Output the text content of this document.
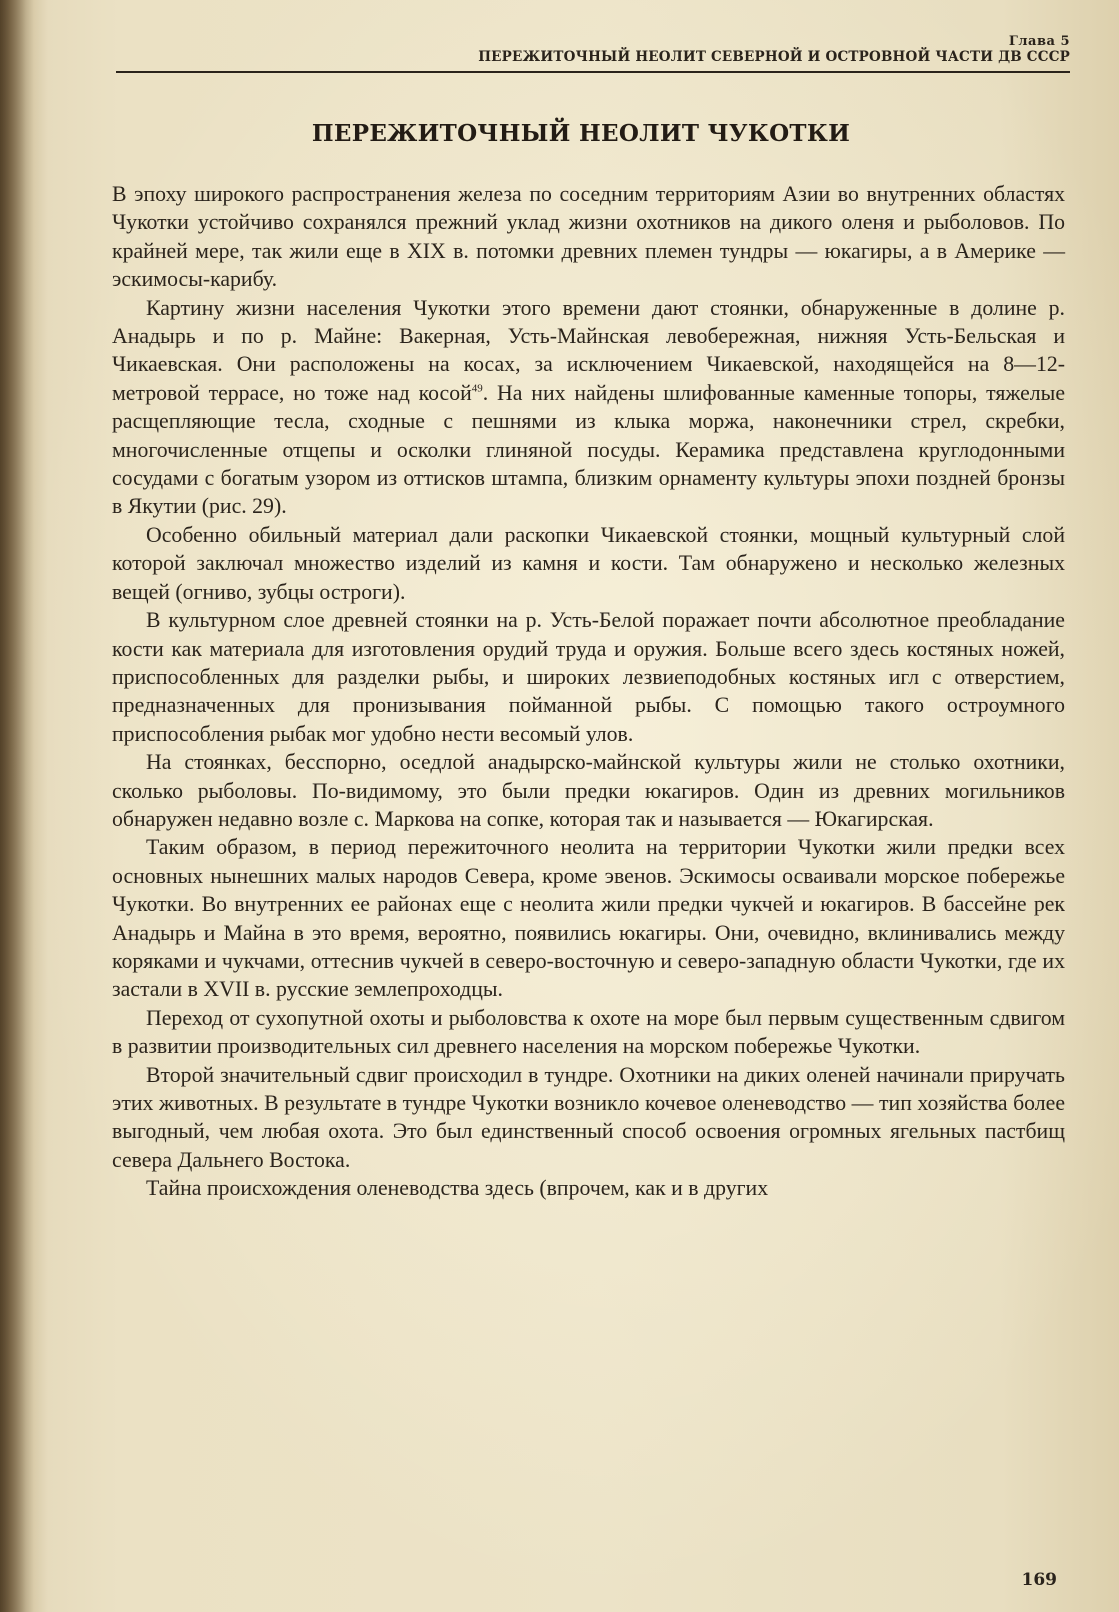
Глава 5
ПЕРЕЖИТОЧНЫЙ НЕОЛИТ СЕВЕРНОЙ И ОСТРОВНОЙ ЧАСТИ ДВ СССР
ПЕРЕЖИТОЧНЫЙ НЕОЛИТ ЧУКОТКИ

В эпоху широкого распространения железа по соседним территориям Азии во внутренних областях Чукотки устойчиво сохранялся прежний уклад жизни охотников на дикого оленя и рыболовов. По крайней мере, так жили еще в XIX в. потомки древних племен тундры — юкагиры, а в Америке — эскимосы-карибу.

Картину жизни населения Чукотки этого времени дают стоянки, обнаруженные в долине р. Анадырь и по р. Майне: Вакерная, Усть-Майнская левобережная, нижняя Усть-Бельская и Чикаевская. Они расположены на косах, за исключением Чикаевской, находящейся на 8—12-метровой террасе, но тоже над косой$^{49}$. На них найдены шлифованные каменные топоры, тяжелые расщепляющие тесла, сходные с пешнями из клыка моржа, наконечники стрел, скребки, многочисленные отщепы и осколки глиняной посуды. Керамика представлена круглодонными сосудами с богатым узором из оттисков штампа, близким орнаменту культуры эпохи поздней бронзы в Якутии (рис. 29).

Особенно обильный материал дали раскопки Чикаевской стоянки, мощный культурный слой которой заключал множество изделий из камня и кости. Там обнаружено и несколько железных вещей (огниво, зубцы остроги).

В культурном слое древней стоянки на р. Усть-Белой поражает почти абсолютное преобладание кости как материала для изготовления орудий труда и оружия. Больше всего здесь костяных ножей, приспособленных для разделки рыбы, и широких лезвиеподобных костяных игл с отверстием, предназначенных для пронизывания пойманной рыбы. С помощью такого остроумного приспособления рыбак мог удобно нести весомый улов.

На стоянках, бесспорно, оседлой анадырско-майнской культуры жили не столько охотники, сколько рыболовы. По-видимому, это были предки юкагиров. Один из древних могильников обнаружен недавно возле с. Маркова на сопке, которая так и называется — Юкагирская.

Таким образом, в период пережиточного неолита на территории Чукотки жили предки всех основных нынешних малых народов Севера, кроме эвенов. Эскимосы осваивали морское побережье Чукотки. Во внутренних ее районах еще с неолита жили предки чукчей и юкагиров. В бассейне рек Анадырь и Майна в это время, вероятно, появились юкагиры. Они, очевидно, вклинивались между коряками и чукчами, оттеснив чукчей в северо-восточную и северо-западную области Чукотки, где их застали в XVII в. русские землепроходцы.

Переход от сухопутной охоты и рыболовства к охоте на море был первым существенным сдвигом в развитии производительных сил древнего населения на морском побережье Чукотки.

Второй значительный сдвиг происходил в тундре. Охотники на диких оленей начинали приручать этих животных. В результате в тундре Чукотки возникло кочевое оленеводство — тип хозяйства более выгодный, чем любая охота. Это был единственный способ освоения огромных ягельных пастбищ севера Дальнего Востока.

Тайна происхождения оленеводства здесь (впрочем, как и в других

169
